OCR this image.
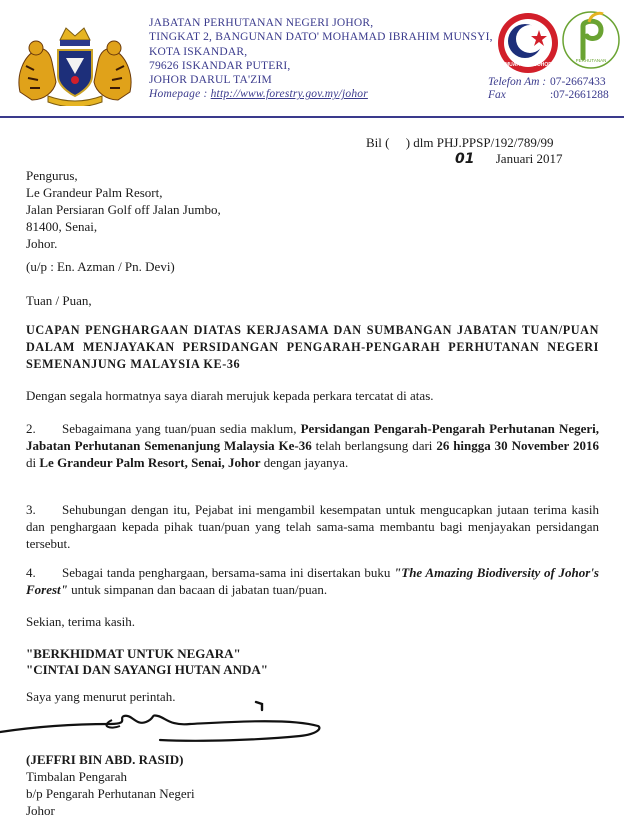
JABATAN PERHUTANAN NEGERI JOHOR,
TINGKAT 2, BANGUNAN DATO' MOHAMAD IBRAHIM MUNSYI,
KOTA ISKANDAR,
79626 ISKANDAR PUTERI,
JOHOR DARUL TA'ZIM
Homepage : http://www.forestry.gov.my/johor
MUAFAKAT JOHOR
PERHUTANAN
Telefon Am : 07-2667433
Fax	:07-2661288
Bil (     ) dlm PHJ.PPSP/192/789/99
01 Januari 2017
Pengurus,
Le Grandeur Palm Resort,
Jalan Persiaran Golf off Jalan Jumbo,
81400, Senai,
Johor.
(u/p : En. Azman / Pn. Devi)
Tuan / Puan,
UCAPAN PENGHARGAAN DIATAS KERJASAMA DAN SUMBANGAN JABATAN TUAN/PUAN DALAM MENJAYAKAN PERSIDANGAN PENGARAH-PENGARAH PERHUTANAN NEGERI SEMENANJUNG MALAYSIA KE-36
Dengan segala hormatnya saya diarah merujuk kepada perkara tercatat di atas.

2. Sebagaimana yang tuan/puan sedia maklum, Persidangan Pengarah-Pengarah Perhutanan Negeri, Jabatan Perhutanan Semenanjung Malaysia Ke-36 telah berlangsung dari 26 hingga 30 November 2016 di Le Grandeur Palm Resort, Senai, Johor dengan jayanya.

3. Sehubungan dengan itu, Pejabat ini mengambil kesempatan untuk mengucapkan jutaan terima kasih dan penghargaan kepada pihak tuan/puan yang telah sama-sama membantu bagi menjayakan persidangan tersebut.

4. Sebagai tanda penghargaan, bersama-sama ini disertakan buku "The Amazing Biodiversity of Johor's Forest" untuk simpanan dan bacaan di jabatan tuan/puan.

Sekian, terima kasih.
"BERKHIDMAT UNTUK NEGARA"
"CINTAI DAN SAYANGI HUTAN ANDA"
Saya yang menurut perintah.
(JEFFRI BIN ABD. RASID)
Timbalan Pengarah
b/p Pengarah Perhutanan Negeri
Johor
